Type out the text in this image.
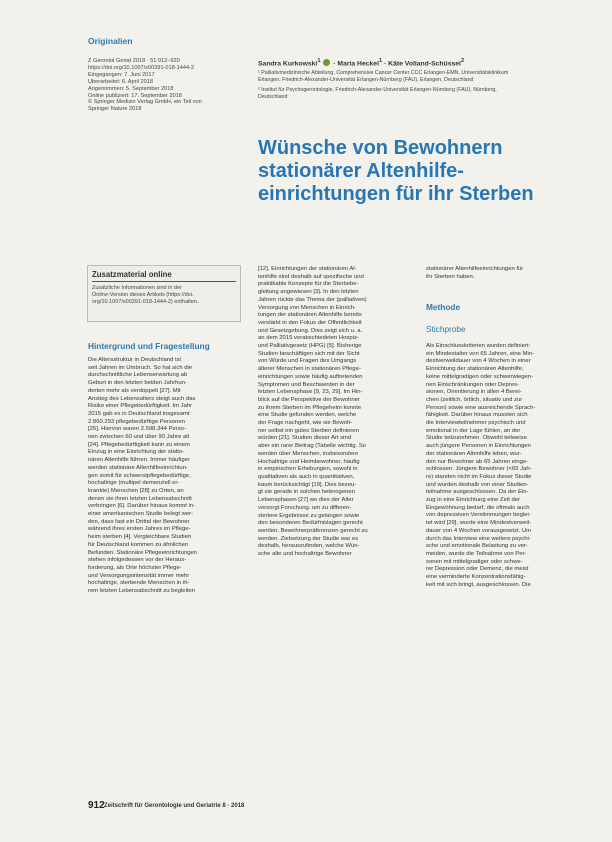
Originalien
Z Gerontol Geriat 2018 · 51:912–920
https://doi.org/10.1007/s00391-018-1444-2
Eingegangen: 7. Juni 2017
Überarbeitet: 6. April 2018
Angenommen: 5. September 2018
Online publiziert: 17. September 2018
© Springer Medizin Verlag GmbH, ein Teil von
Springer Nature 2018
Sandra Kurkowski$^1$  · Maria Heckel$^1$ · Käte Volland-Schüssel$^2$
¹ Palliativmedizinische Abteilung, Comprehensive Cancer Center CCC Erlangen-EMN, Universitätsklinikum
Erlangen, Friedrich-Alexander-Universität Erlangen-Nürnberg (FAU), Erlangen, Deutschland
² Institut für Psychogerontologie, Friedrich-Alexander-Universität Erlangen-Nürnberg (FAU), Nürnberg,
Deutschland
Wünsche von Bewohnern
stationärer Altenhilfe-
einrichtungen für ihr Sterben
Zusatzmaterial online
Zusätzliche Informationen sind in der
Online-Version dieses Artikels (https://doi.
org/10.1007/s00391-018-1444-2) enthalten.
Hintergrund und Fragestellung
Die Altersstruktur in Deutschland ist
seit Jahren im Umbruch. So hat sich die
durchschnittliche Lebenserwartung ab
Geburt in den letzten beiden Jahrhun-
derten mehr als verdoppelt [27]. Mit
Anstieg des Lebensalters steigt auch das
Risiko einer Pflegebedürftigkeit. Im Jahr
2015 gab es in Deutschland insgesamt
2.860.293 pflegebedürftige Personen
[25]. Hiervon waren 2.598.344 Perso-
nen zwischen 60 und über 90 Jahre alt
[24]. Pflegebedürftigkeit kann zu einem
Einzug in eine Einrichtung der statio-
nären Altenhilfe führen. Immer häufiger
werden stationäre Altenhilfeeinrichtun-
gen somit für schwerstpflegebedürftige,
hochaltrige (multipel demenziell er-
krankte) Menschen [28] zu Orten, an
denen sie ihren letzten Lebensabschnitt
verbringen [6]. Darüber hinaus kommt in-
einer amerikanischen Studie belegt wer-
den, dass fast ein Drittel der Bewohner
während ihres ersten Jahres im Pflege-
heim sterben [4]. Vergleichbare Studien
für Deutschland kommen zu ähnlichen
Befunden. Stationäre Pflegeeinrichtungen
stehen infolgedessen vor der Heraus-
forderung, als Orte höchster Pflege-
und Versorgungsintensität immer mehr
hochaltrige, sterbende Menschen in ih-
rem letzten Lebensabschnitt zu begleiten
[12]. Einrichtungen der stationären Al-
tenhilfe sind deshalb auf spezifische und
praktikable Konzepte für die Sterbebe-
gleitung angewiesen [3]. In den letzten
Jahren rückte das Thema der (palliativen)
Versorgung von Menschen in Einrich-
tungen der stationären Altenhilfe bereits
verstärkt in den Fokus der Öffentlichkeit
und Gesetzgebung. Dies zeigt sich u. a.
an dem 2015 verabschiedeten Hospiz-
und Palliativgesetz (HPG) [5]. Bisherige
Studien beschäftigen sich mit der Sicht
von Würde und Fragen des Umgangs
älterer Menschen in stationären Pflege-
einrichtungen sowie häufig auftretenden
Symptomen und Beschwerden in der
letzten Lebensphase [9, 23, 29]. Im Hin-
blick auf die Perspektive der Bewohner
zu ihrem Sterben im Pflegeheim konnte
eine Studie gefunden werden, welche
der Frage nachgeht, wie sie Bewoh-
ner selbst ein gutes Sterben definieren
würden [21]. Studien dieser Art sind
aber ein rarer Beitrag (Tabelle wichtig. So
werden über Menschen, insbesondere
Hochaltrige und Heimbewohner, häufig
in empirischen Erhebungen, sowohl in
qualitativen als auch in quantitativen,
kaum berücksichtigt [19]. Dies bezeu-
gt sie gerade in solchen heterogenen
Lebensphasen [27] wo dies der Älter
versorgt Forschung. um zu differen-
ziertere Ergebnisse zu gelangen sowie
den besonderen Bedürfnislagen gerecht
werden. Bewohnerpräferenzen gerecht zu
werden. Zielsetzung der Studie war es
deshalb, herauszufinden, welche Wün-
sche alte und hochaltrige Bewohner
stationärer Altenhilfeeinrichtungen für
ihr Sterben haben.
Methode
Stichprobe
Als Einschlusskriterien wurden definiert:
ein Mindestalter von 65 Jahren, eine Min-
destverweildauer von 4 Wochen in einer
Einrichtung der stationären Altenhilfe,
keine mittelgradigen oder schwerwiegen-
nen Einschränkungen oder Depres-
sionen, Orientierung in allen 4 Berei-
chen (zeitlich, örtlich, situativ und zur
Person) sowie eine ausreichende Sprach-
fähigkeit. Darüber hinaus mussten sich
die Interviewteilnehmer psychisch und
emotional in der Lage fühlen, an der
Studie teilzunehmen. Obwohl teilweise
auch jüngere Personen in Einrichtungen
der stationären Altenhilfe leben, wur-
den nur Bewohner ab 65 Jahren einge-
schlossen. Jüngere Bewohner (<65 Jah-
re) standen nicht im Fokus dieser Studie
und wurden deshalb von einer Studien-
teilnahme ausgeschlossen. Da der Ein-
zug in eine Einrichtung eine Zeit der
Eingewöhnung bedarf, die oftmals auch
von depressiven Verstimmungen beglei-
tet wird [29], wurde eine Mindestverweil-
dauer von 4 Wochen vorausgesetzt. Um
durch das Interview eine weitere psychi-
sche und emotionale Belastung zu ver-
meiden, wurde die Teilnahme von Per-
sonen mit mittelgradiger oder schwe-
rer Depression oder Demenz, die meist
eine verminderte Konzentrationsfähig-
keit mit sich bringt, ausgeschlossen. Die
912 Zeitschrift für Gerontologie und Geriatrie 8 · 2018
